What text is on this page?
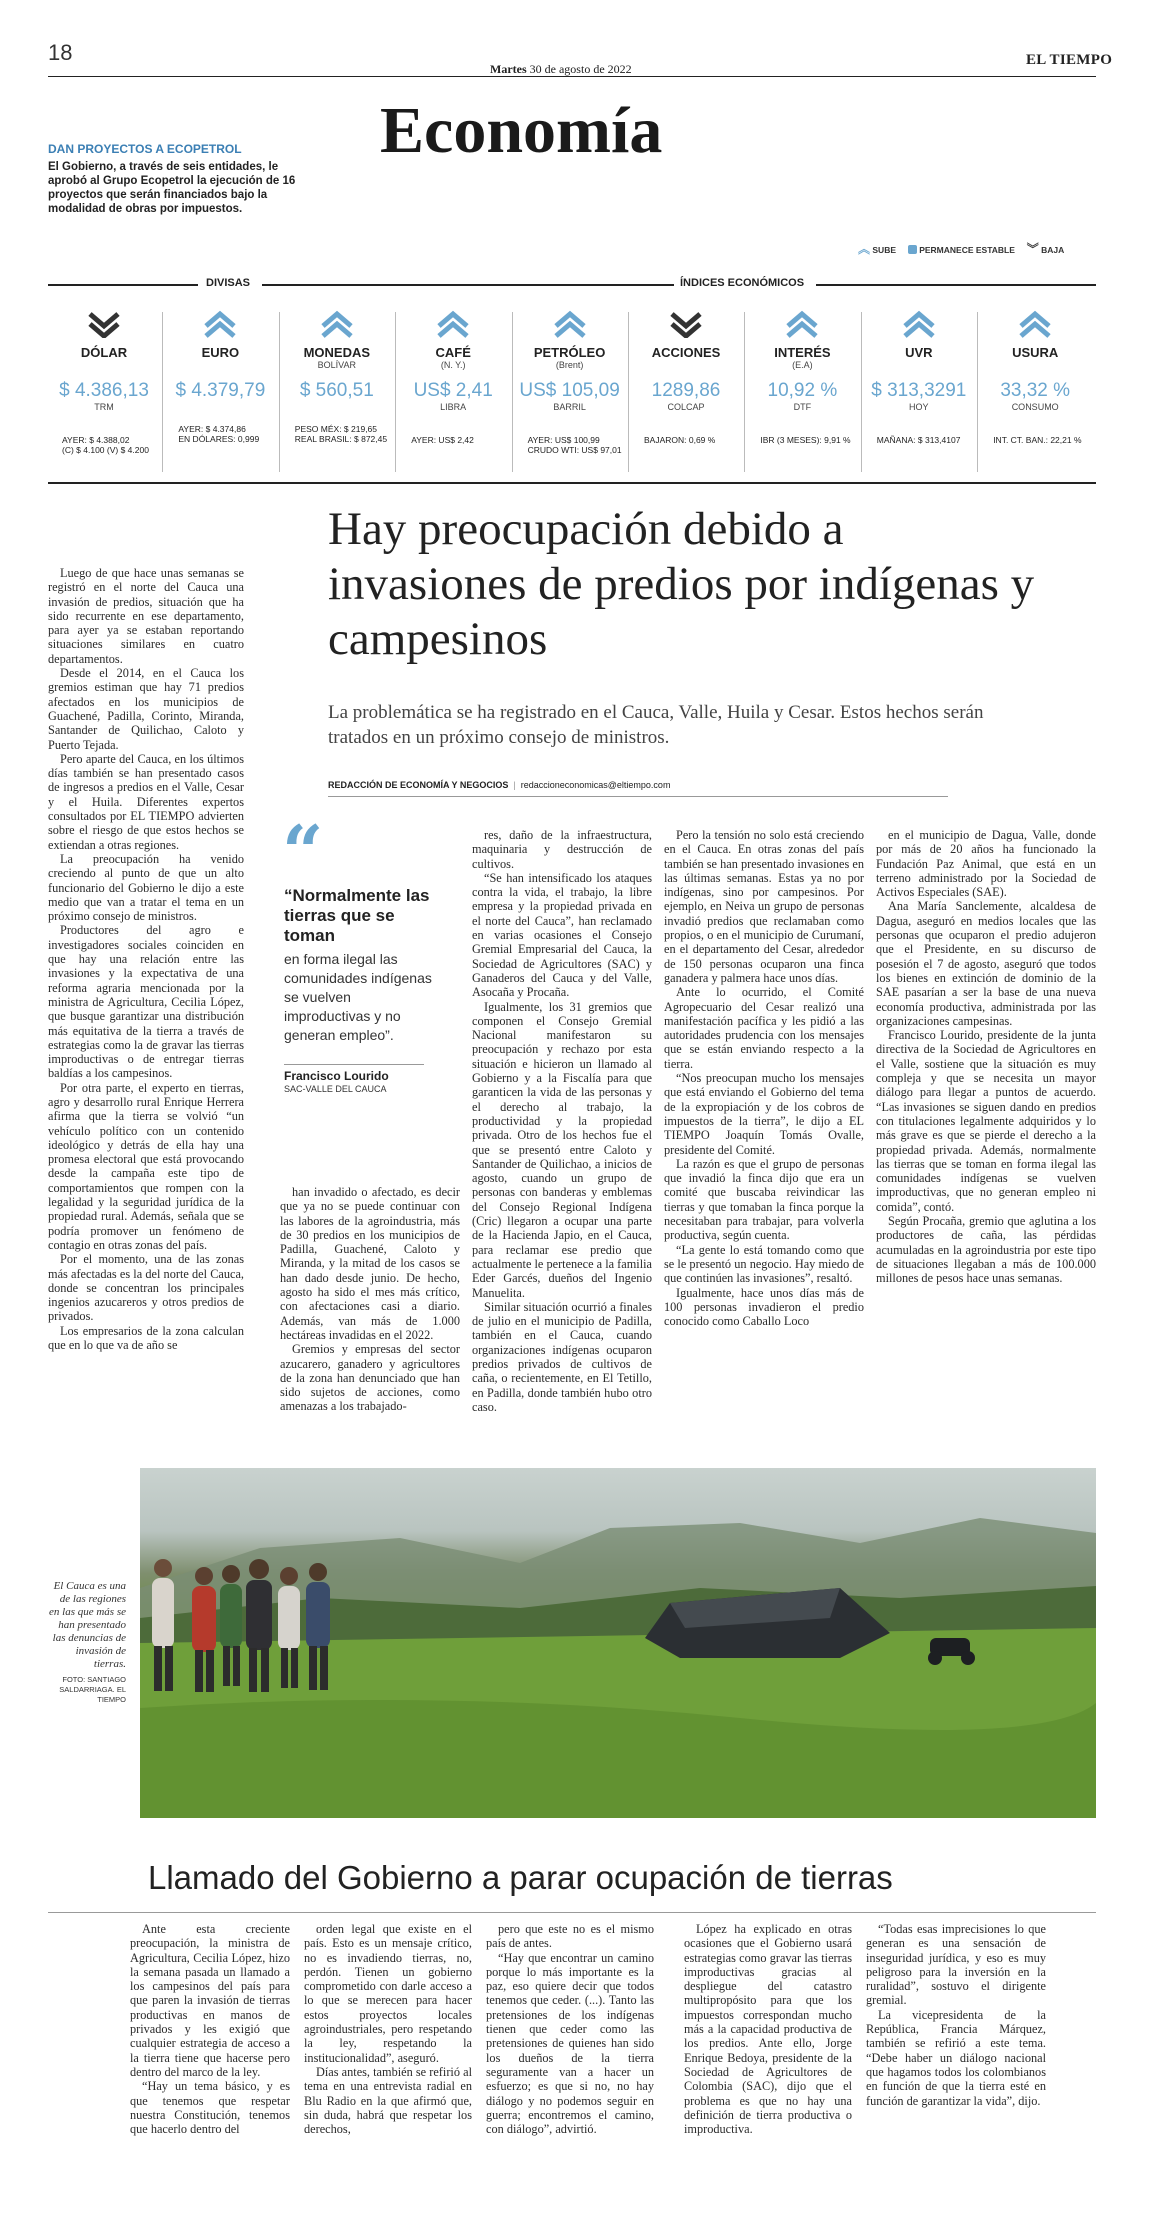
18
Martes 30 de agosto de 2022
EL TIEMPO
Economía
DAN PROYECTOS A ECOPETROL
El Gobierno, a través de seis entidades, le aprobó al Grupo Ecopetrol la ejecución de 16 proyectos que serán financiados bajo la modalidad de obras por impuestos.
︽ SUBE	PERMANECE ESTABLE ︾ BAJA
DIVISAS	ÍNDICES ECONÓMICOS
DÓLAR
$ 4.386,13
TRM
AYER: $ 4.388,02
(C) $ 4.100 (V) $ 4.200
EURO
$ 4.379,79
AYER: $ 4.374,86
EN DÓLARES: 0,999
MONEDAS
BOLÍVAR
$ 560,51
PESO MÉX: $ 219,65
REAL BRASIL: $ 872,45
CAFÉ
(N. Y.)
US$ 2,41
LIBRA
AYER: US$ 2,42
PETRÓLEO
(Brent)
US$ 105,09
BARRIL
AYER: US$ 100,99
CRUDO WTI: US$ 97,01
ACCIONES
1289,86
COLCAP
BAJARON: 0,69 %
INTERÉS
(E.A)
10,92 %
DTF
IBR (3 MESES): 9,91 %
UVR
$ 313,3291
HOY
MAÑANA: $ 313,4107
USURA
33,32 %
CONSUMO
INT. CT. BAN.: 22,21 %
Hay preocupación debido a invasiones de predios por indígenas y campesinos
La problemática se ha registrado en el Cauca, Valle, Huila y Cesar. Estos hechos serán tratados en un próximo consejo de ministros.
REDACCIÓN DE ECONOMÍA Y NEGOCIOS  |  redaccioneconomicas@eltiempo.com
“
“Normalmente las tierras que se toman
en forma ilegal las comunidades indígenas se vuelven improductivas y no generan empleo”.
Francisco Lourido
SAC-VALLE DEL CAUCA

Luego de que hace unas semanas se registró en el norte del Cauca una invasión de predios, situación que ha sido recurrente en ese departamento, para ayer ya se estaban reportando situaciones similares en cuatro departamentos.

Desde el 2014, en el Cauca los gremios estiman que hay 71 predios afectados en los municipios de Guachené, Padilla, Corinto, Miranda, Santander de Quilichao, Caloto y Puerto Tejada.

Pero aparte del Cauca, en los últimos días también se han presentado casos de ingresos a predios en el Valle, Cesar y el Huila. Diferentes expertos consultados por EL TIEMPO advierten sobre el riesgo de que estos hechos se extiendan a otras regiones.

La preocupación ha venido creciendo al punto de que un alto funcionario del Gobierno le dijo a este medio que van a tratar el tema en un próximo consejo de ministros.

Productores del agro e investigadores sociales coinciden en que hay una relación entre las invasiones y la expectativa de una reforma agraria mencionada por la ministra de Agricultura, Cecilia López, que busque garantizar una distribución más equitativa de la tierra a través de estrategias como la de gravar las tierras improductivas o de entregar tierras baldías a los campesinos.

Por otra parte, el experto en tierras, agro y desarrollo rural Enrique Herrera afirma que la tierra se volvió “un vehículo político con un contenido ideológico y detrás de ella hay una promesa electoral que está provocando desde la campaña este tipo de comportamientos que rompen con la legalidad y la seguridad jurídica de la propiedad rural. Además, señala que se podría promover un fenómeno de contagio en otras zonas del país.

Por el momento, una de las zonas más afectadas es la del norte del Cauca, donde se concentran los principales ingenios azucareros y otros predios de privados.

Los empresarios de la zona calculan que en lo que va de año se

han invadido o afectado, es decir que ya no se puede continuar con las labores de la agroindustria, más de 30 predios en los municipios de Padilla, Guachené, Caloto y Miranda, y la mitad de los casos se han dado desde junio. De hecho, agosto ha sido el mes más crítico, con afectaciones casi a diario. Además, van más de 1.000 hectáreas invadidas en el 2022.

Gremios y empresas del sector azucarero, ganadero y agricultores de la zona han denunciado que han sido sujetos de acciones, como amenazas a los trabajado-

res, daño de la infraestructura, maquinaria y destrucción de cultivos.

“Se han intensificado los ataques contra la vida, el trabajo, la libre empresa y la propiedad privada en el norte del Cauca”, han reclamado en varias ocasiones el Consejo Gremial Empresarial del Cauca, la Sociedad de Agricultores (SAC) y Ganaderos del Cauca y del Valle, Asocaña y Procaña.

Igualmente, los 31 gremios que componen el Consejo Gremial Nacional manifestaron su preocupación y rechazo por esta situación e hicieron un llamado al Gobierno y a la Fiscalía para que garanticen la vida de las personas y el derecho al trabajo, la productividad y la propiedad privada. Otro de los hechos fue el que se presentó entre Caloto y Santander de Quilichao, a inicios de agosto, cuando un grupo de personas con banderas y emblemas del Consejo Regional Indígena (Cric) llegaron a ocupar una parte de la Hacienda Japio, en el Cauca, para reclamar ese predio que actualmente le pertenece a la familia Eder Garcés, dueños del Ingenio Manuelita.

Similar situación ocurrió a finales de julio en el municipio de Padilla, también en el Cauca, cuando organizaciones indígenas ocuparon predios privados de cultivos de caña, o recientemente, en El Tetillo, en Padilla, donde también hubo otro caso.

Pero la tensión no solo está creciendo en el Cauca. En otras zonas del país también se han presentado invasiones en las últimas semanas. Estas ya no por indígenas, sino por campesinos. Por ejemplo, en Neiva un grupo de personas invadió predios que reclamaban como propios, o en el municipio de Curumaní, en el departamento del Cesar, alrededor de 150 personas ocuparon una finca ganadera y palmera hace unos días.

Ante lo ocurrido, el Comité Agropecuario del Cesar realizó una manifestación pacífica y les pidió a las autoridades prudencia con los mensajes que se están enviando respecto a la tierra.

“Nos preocupan mucho los mensajes que está enviando el Gobierno del tema de la expropiación y de los cobros de impuestos de la tierra”, le dijo a EL TIEMPO Joaquín Tomás Ovalle, presidente del Comité.

La razón es que el grupo de personas que invadió la finca dijo que era un comité que buscaba reivindicar las tierras y que tomaban la finca porque la necesitaban para trabajar, para volverla productiva, según cuenta.

“La gente lo está tomando como que se le presentó un negocio. Hay miedo de que continúen las invasiones”, resaltó.

Igualmente, hace unos días más de 100 personas invadieron el predio conocido como Caballo Loco

en el municipio de Dagua, Valle, donde por más de 20 años ha funcionado la Fundación Paz Animal, que está en un terreno administrado por la Sociedad de Activos Especiales (SAE).

Ana María Sanclemente, alcaldesa de Dagua, aseguró en medios locales que las personas que ocuparon el predio adujeron que el Presidente, en su discurso de posesión el 7 de agosto, aseguró que todos los bienes en extinción de dominio de la SAE pasarían a ser la base de una nueva economía productiva, administrada por las organizaciones campesinas.

Francisco Lourido, presidente de la junta directiva de la Sociedad de Agricultores en el Valle, sostiene que la situación es muy compleja y que se necesita un mayor diálogo para llegar a puntos de acuerdo. “Las invasiones se siguen dando en predios con titulaciones legalmente adquiridos y lo más grave es que se pierde el derecho a la propiedad privada. Además, normalmente las tierras que se toman en forma ilegal las comunidades indígenas se vuelven improductivas, que no generan empleo ni comida”, contó.

Según Procaña, gremio que aglutina a los productores de caña, las pérdidas acumuladas en la agroindustria por este tipo de situaciones llegaban a más de 100.000 millones de pesos hace unas semanas.

El Cauca es una de las regiones en las que más se han presentado las denuncias de invasión de tierras.
FOTO: SANTIAGO SALDARRIAGA. EL TIEMPO
Llamado del Gobierno a parar ocupación de tierras

Ante esta creciente preocupación, la ministra de Agricultura, Cecilia López, hizo la semana pasada un llamado a los campesinos del país para que paren la invasión de tierras productivas en manos de privados y les exigió que cualquier estrategia de acceso a la tierra tiene que hacerse pero dentro del marco de la ley.

“Hay un tema básico, y es que tenemos que respetar nuestra Constitución, tenemos que hacerlo dentro del

orden legal que existe en el país. Esto es un mensaje crítico, no es invadiendo tierras, no, perdón. Tienen un gobierno comprometido con darle acceso a lo que se merecen para hacer estos proyectos locales agroindustriales, pero respetando la ley, respetando la institucionalidad”, aseguró.

Días antes, también se refirió al tema en una entrevista radial en Blu Radio en la que afirmó que, sin duda, habrá que respetar los derechos,

pero que este no es el mismo país de antes.

“Hay que encontrar un camino porque lo más importante es la paz, eso quiere decir que todos tenemos que ceder. (...). Tanto las pretensiones de los indígenas tienen que ceder como las pretensiones de quienes han sido los dueños de la tierra seguramente van a hacer un esfuerzo; es que si no, no hay diálogo y no podemos seguir en guerra; encontremos el camino, con diálogo”, advirtió.

López ha explicado en otras ocasiones que el Gobierno usará estrategias como gravar las tierras improductivas gracias al despliegue del catastro multipropósito para que los impuestos correspondan mucho más a la capacidad productiva de los predios. Ante ello, Jorge Enrique Bedoya, presidente de la Sociedad de Agricultores de Colombia (SAC), dijo que el problema es que no hay una definición de tierra productiva o improductiva.

“Todas esas imprecisiones lo que generan es una sensación de inseguridad jurídica, y eso es muy peligroso para la inversión en la ruralidad”, sostuvo el dirigente gremial.

La vicepresidenta de la República, Francia Márquez, también se refirió a este tema. “Debe haber un diálogo nacional que hagamos todos los colombianos en función de que la tierra esté en función de garantizar la vida”, dijo.
